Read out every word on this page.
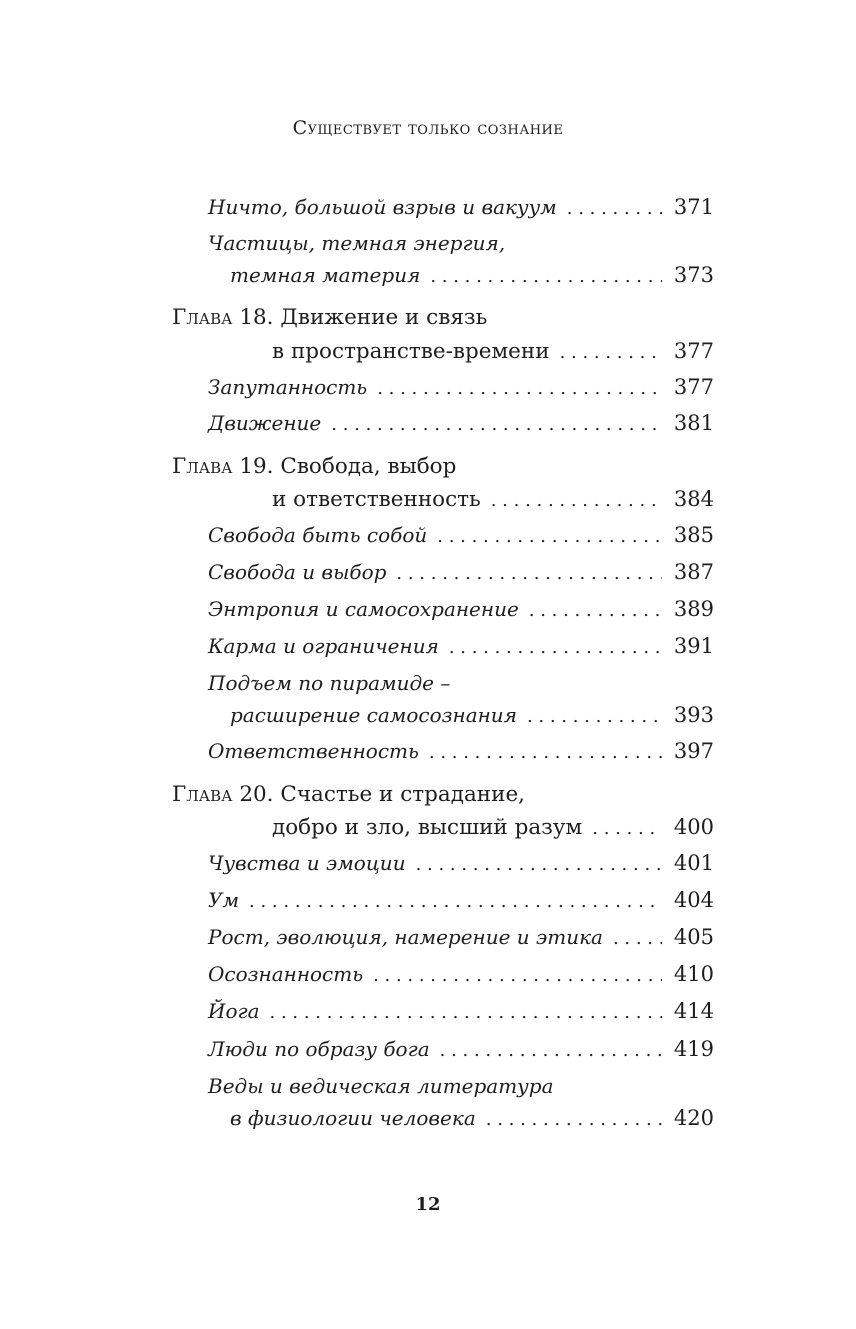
Существует только сознание
Ничто, большой взрыв и вакуум . . .	371
Частицы, темная энергия,
темная материя . . .	373
Глава 18.
Движение и связь
в пространстве-времени . . .	377
Запутанность . . .	377
Движение . . .	381
Глава 19.
Свобода, выбор
и ответственность . . .	384
Свобода быть собой . . .	385
Свобода и выбор . . .	387
Энтропия и самосохранение . . .	389
Карма и ограничения . . .	391
Подъем по пирамиде –
расширение самосознания . . .	393
Ответственность . . .	397
Глава 20.
Счастье и страдание,
добро и зло, высший разум . . .	400
Чувства и эмоции . . .	401
Ум . . .	404
Рост, эволюция, намерение и этика . . .	405
Осознанность . . .	410
Йога . . .	414
Люди по образу бога . . .	419
Веды и ведическая литература
в физиологии человека . . .	420
12
